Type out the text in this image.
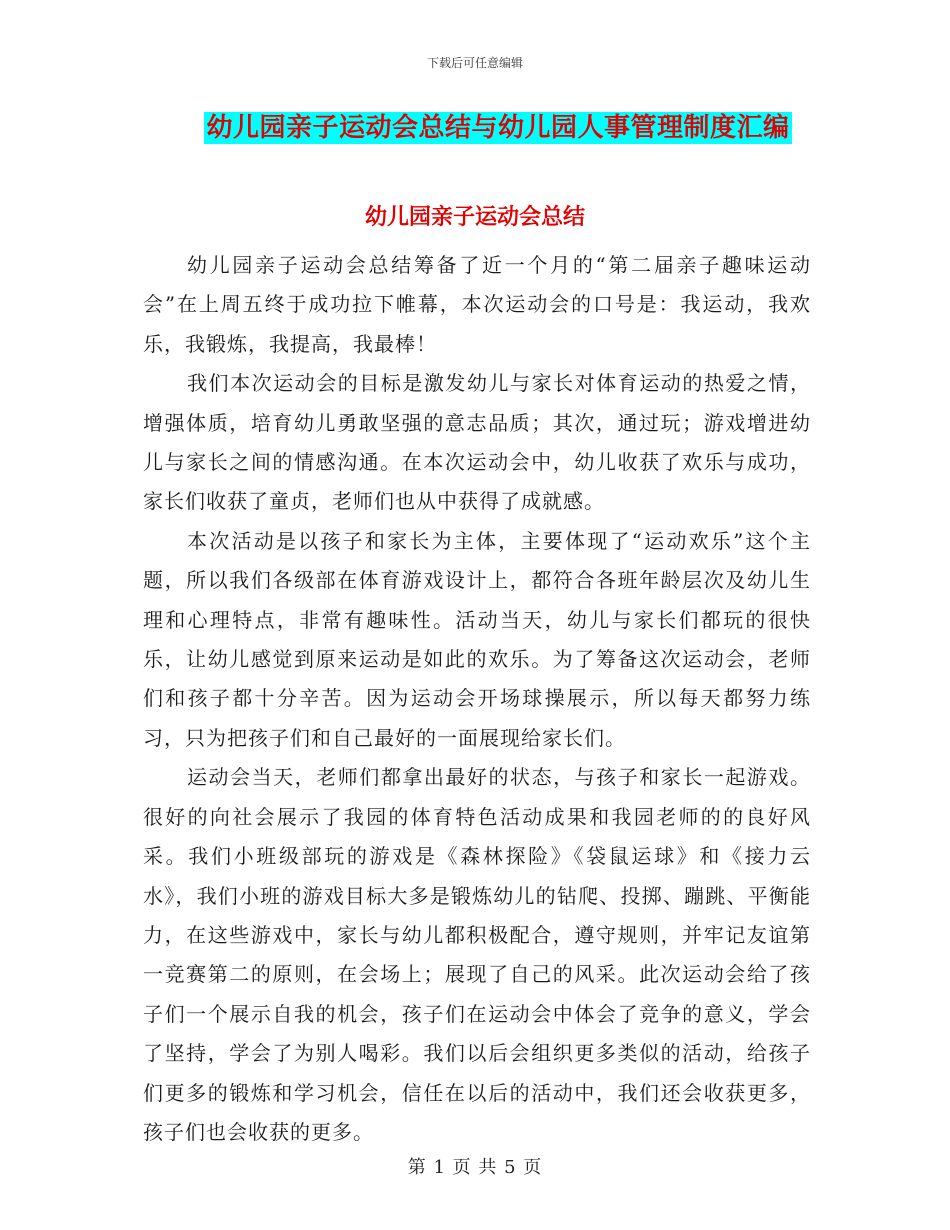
下载后可任意编辑
幼儿园亲子运动会总结与幼儿园人事管理制度汇编
幼儿园亲子运动会总结

幼儿园亲子运动会总结筹备了近一个月的“第二届亲子趣味运动会”在上周五终于成功拉下帷幕，本次运动会的口号是：我运动，我欢乐，我锻炼，我提高，我最棒！

我们本次运动会的目标是激发幼儿与家长对体育运动的热爱之情，增强体质，培育幼儿勇敢坚强的意志品质；其次，通过玩；游戏增进幼儿与家长之间的情感沟通。在本次运动会中，幼儿收获了欢乐与成功，家长们收获了童贞，老师们也从中获得了成就感。

本次活动是以孩子和家长为主体，主要体现了“运动欢乐”这个主题，所以我们各级部在体育游戏设计上，都符合各班年龄层次及幼儿生理和心理特点，非常有趣味性。活动当天，幼儿与家长们都玩的很快乐，让幼儿感觉到原来运动是如此的欢乐。为了筹备这次运动会，老师们和孩子都十分辛苦。因为运动会开场球操展示，所以每天都努力练习，只为把孩子们和自己最好的一面展现给家长们。

运动会当天，老师们都拿出最好的状态，与孩子和家长一起游戏。很好的向社会展示了我园的体育特色活动成果和我园老师的的良好风采。我们小班级部玩的游戏是《森林探险》《袋鼠运球》和《接力云水》，我们小班的游戏目标大多是锻炼幼儿的钻爬、投掷、蹦跳、平衡能力，在这些游戏中，家长与幼儿都积极配合，遵守规则，并牢记友谊第一竞赛第二的原则，在会场上；展现了自己的风采。此次运动会给了孩子们一个展示自我的机会，孩子们在运动会中体会了竞争的意义，学会了坚持，学会了为别人喝彩。我们以后会组织更多类似的活动，给孩子们更多的锻炼和学习机会，信任在以后的活动中，我们还会收获更多，孩子们也会收获的更多。

第 1 页 共 5 页
